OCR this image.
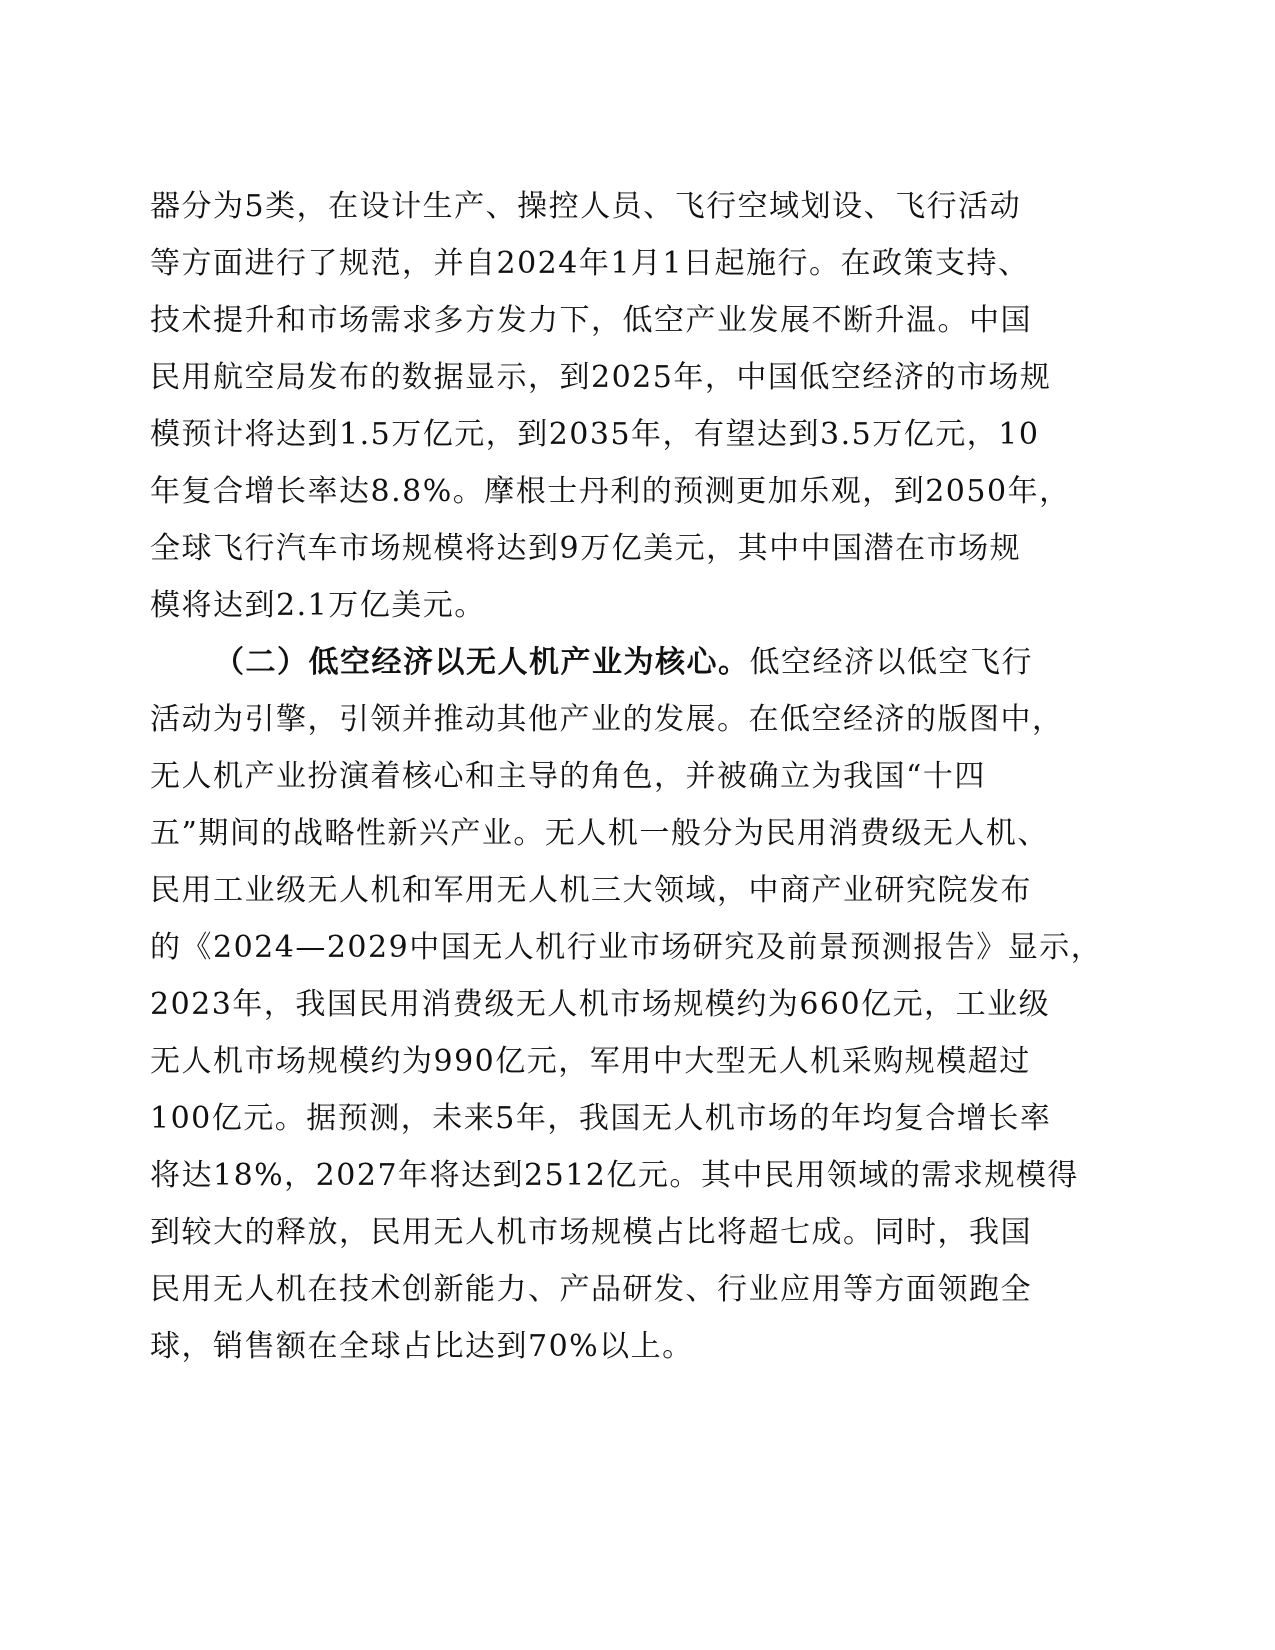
器分为5类，在设计生产、操控人员、飞行空域划设、飞行活动
等方面进行了规范，并自2024年1月1日起施行。在政策支持、
技术提升和市场需求多方发力下，低空产业发展不断升温。中国
民用航空局发布的数据显示，到2025年，中国低空经济的市场规
模预计将达到1.5万亿元，到2035年，有望达到3.5万亿元，10
年复合增长率达8.8%。摩根士丹利的预测更加乐观，到2050年，
全球飞行汽车市场规模将达到9万亿美元，其中中国潜在市场规
模将达到2.1万亿美元。
（二）低空经济以无人机产业为核心。低空经济以低空飞行
活动为引擎，引领并推动其他产业的发展。在低空经济的版图中，
无人机产业扮演着核心和主导的角色，并被确立为我国“十四
五”期间的战略性新兴产业。无人机一般分为民用消费级无人机、
民用工业级无人机和军用无人机三大领域，中商产业研究院发布
的《2024—2029中国无人机行业市场研究及前景预测报告》显示，
2023年，我国民用消费级无人机市场规模约为660亿元，工业级
无人机市场规模约为990亿元，军用中大型无人机采购规模超过
100亿元。据预测，未来5年，我国无人机市场的年均复合增长率
将达18%，2027年将达到2512亿元。其中民用领域的需求规模得
到较大的释放，民用无人机市场规模占比将超七成。同时，我国
民用无人机在技术创新能力、产品研发、行业应用等方面领跑全
球，销售额在全球占比达到70%以上。
